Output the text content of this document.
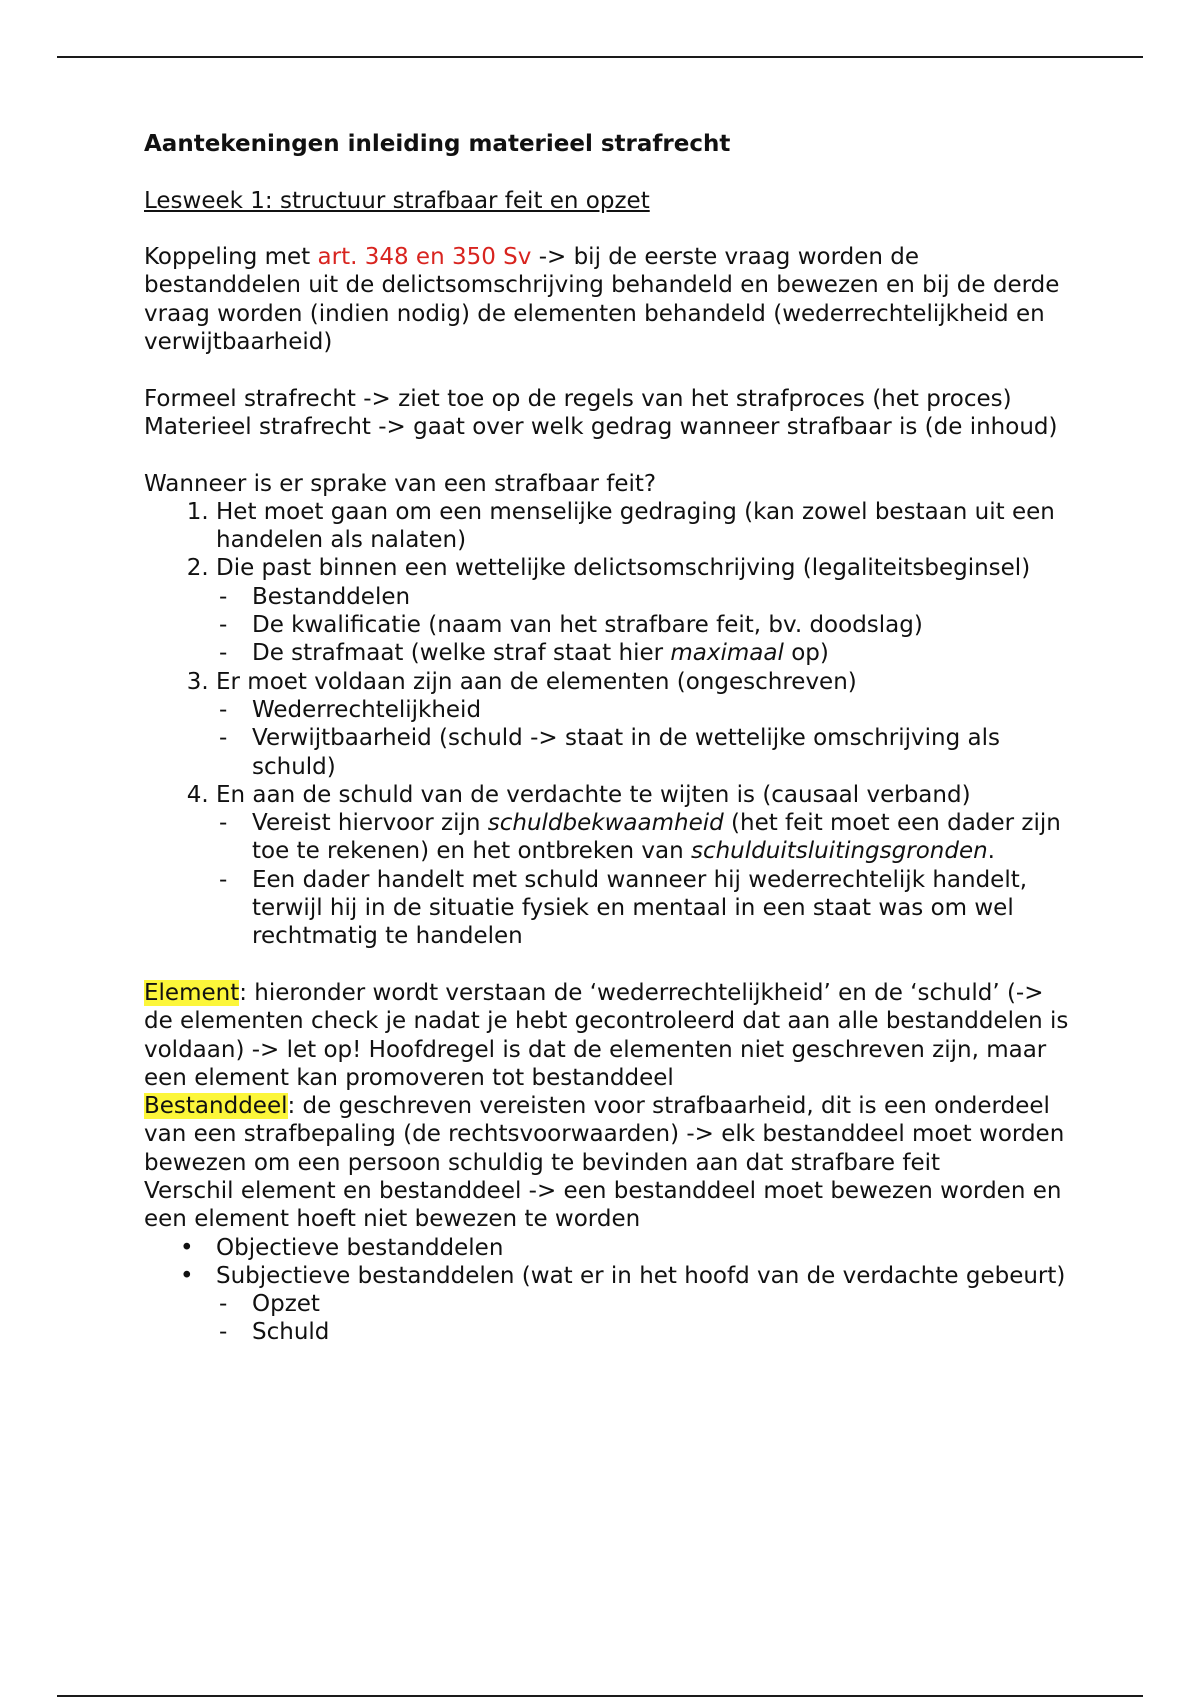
Aantekeningen inleiding materieel strafrecht

Lesweek 1: structuur strafbaar feit en opzet

Koppeling met art. 348 en 350 Sv -> bij de eerste vraag worden de bestanddelen uit de delictsomschrijving behandeld en bewezen en bij de derde vraag worden (indien nodig) de elementen behandeld (wederrechtelijkheid en verwijtbaarheid)

Formeel strafrecht -> ziet toe op de regels van het strafproces (het proces)

Materieel strafrecht -> gaat over welk gedrag wanneer strafbaar is (de inhoud)

Wanneer is er sprake van een strafbaar feit?

1. Het moet gaan om een menselijke gedraging (kan zowel bestaan uit een handelen als nalaten)
2. Die past binnen een wettelijke delictsomschrijving (legaliteitsbeginsel)
- Bestanddelen
- De kwalificatie (naam van het strafbare feit, bv. doodslag)
- De strafmaat (welke straf staat hier maximaal op)
3. Er moet voldaan zijn aan de elementen (ongeschreven)
- Wederrechtelijkheid
- Verwijtbaarheid (schuld -> staat in de wettelijke omschrijving als schuld)
4. En aan de schuld van de verdachte te wijten is (causaal verband)
- Vereist hiervoor zijn schuldbekwaamheid (het feit moet een dader zijn toe te rekenen) en het ontbreken van schulduitsluitingsgronden.
- Een dader handelt met schuld wanneer hij wederrechtelijk handelt, terwijl hij in de situatie fysiek en mentaal in een staat was om wel rechtmatig te handelen

Element: hieronder wordt verstaan de ‘wederrechtelijkheid’ en de ‘schuld’ (-> de elementen check je nadat je hebt gecontroleerd dat aan alle bestanddelen is voldaan) -> let op! Hoofdregel is dat de elementen niet geschreven zijn, maar een element kan promoveren tot bestanddeel

Bestanddeel: de geschreven vereisten voor strafbaarheid, dit is een onderdeel van een strafbepaling (de rechtsvoorwaarden) -> elk bestanddeel moet worden bewezen om een persoon schuldig te bevinden aan dat strafbare feit

Verschil element en bestanddeel -> een bestanddeel moet bewezen worden en een element hoeft niet bewezen te worden

• Objectieve bestanddelen
• Subjectieve bestanddelen (wat er in het hoofd van de verdachte gebeurt)
- Opzet
- Schuld
